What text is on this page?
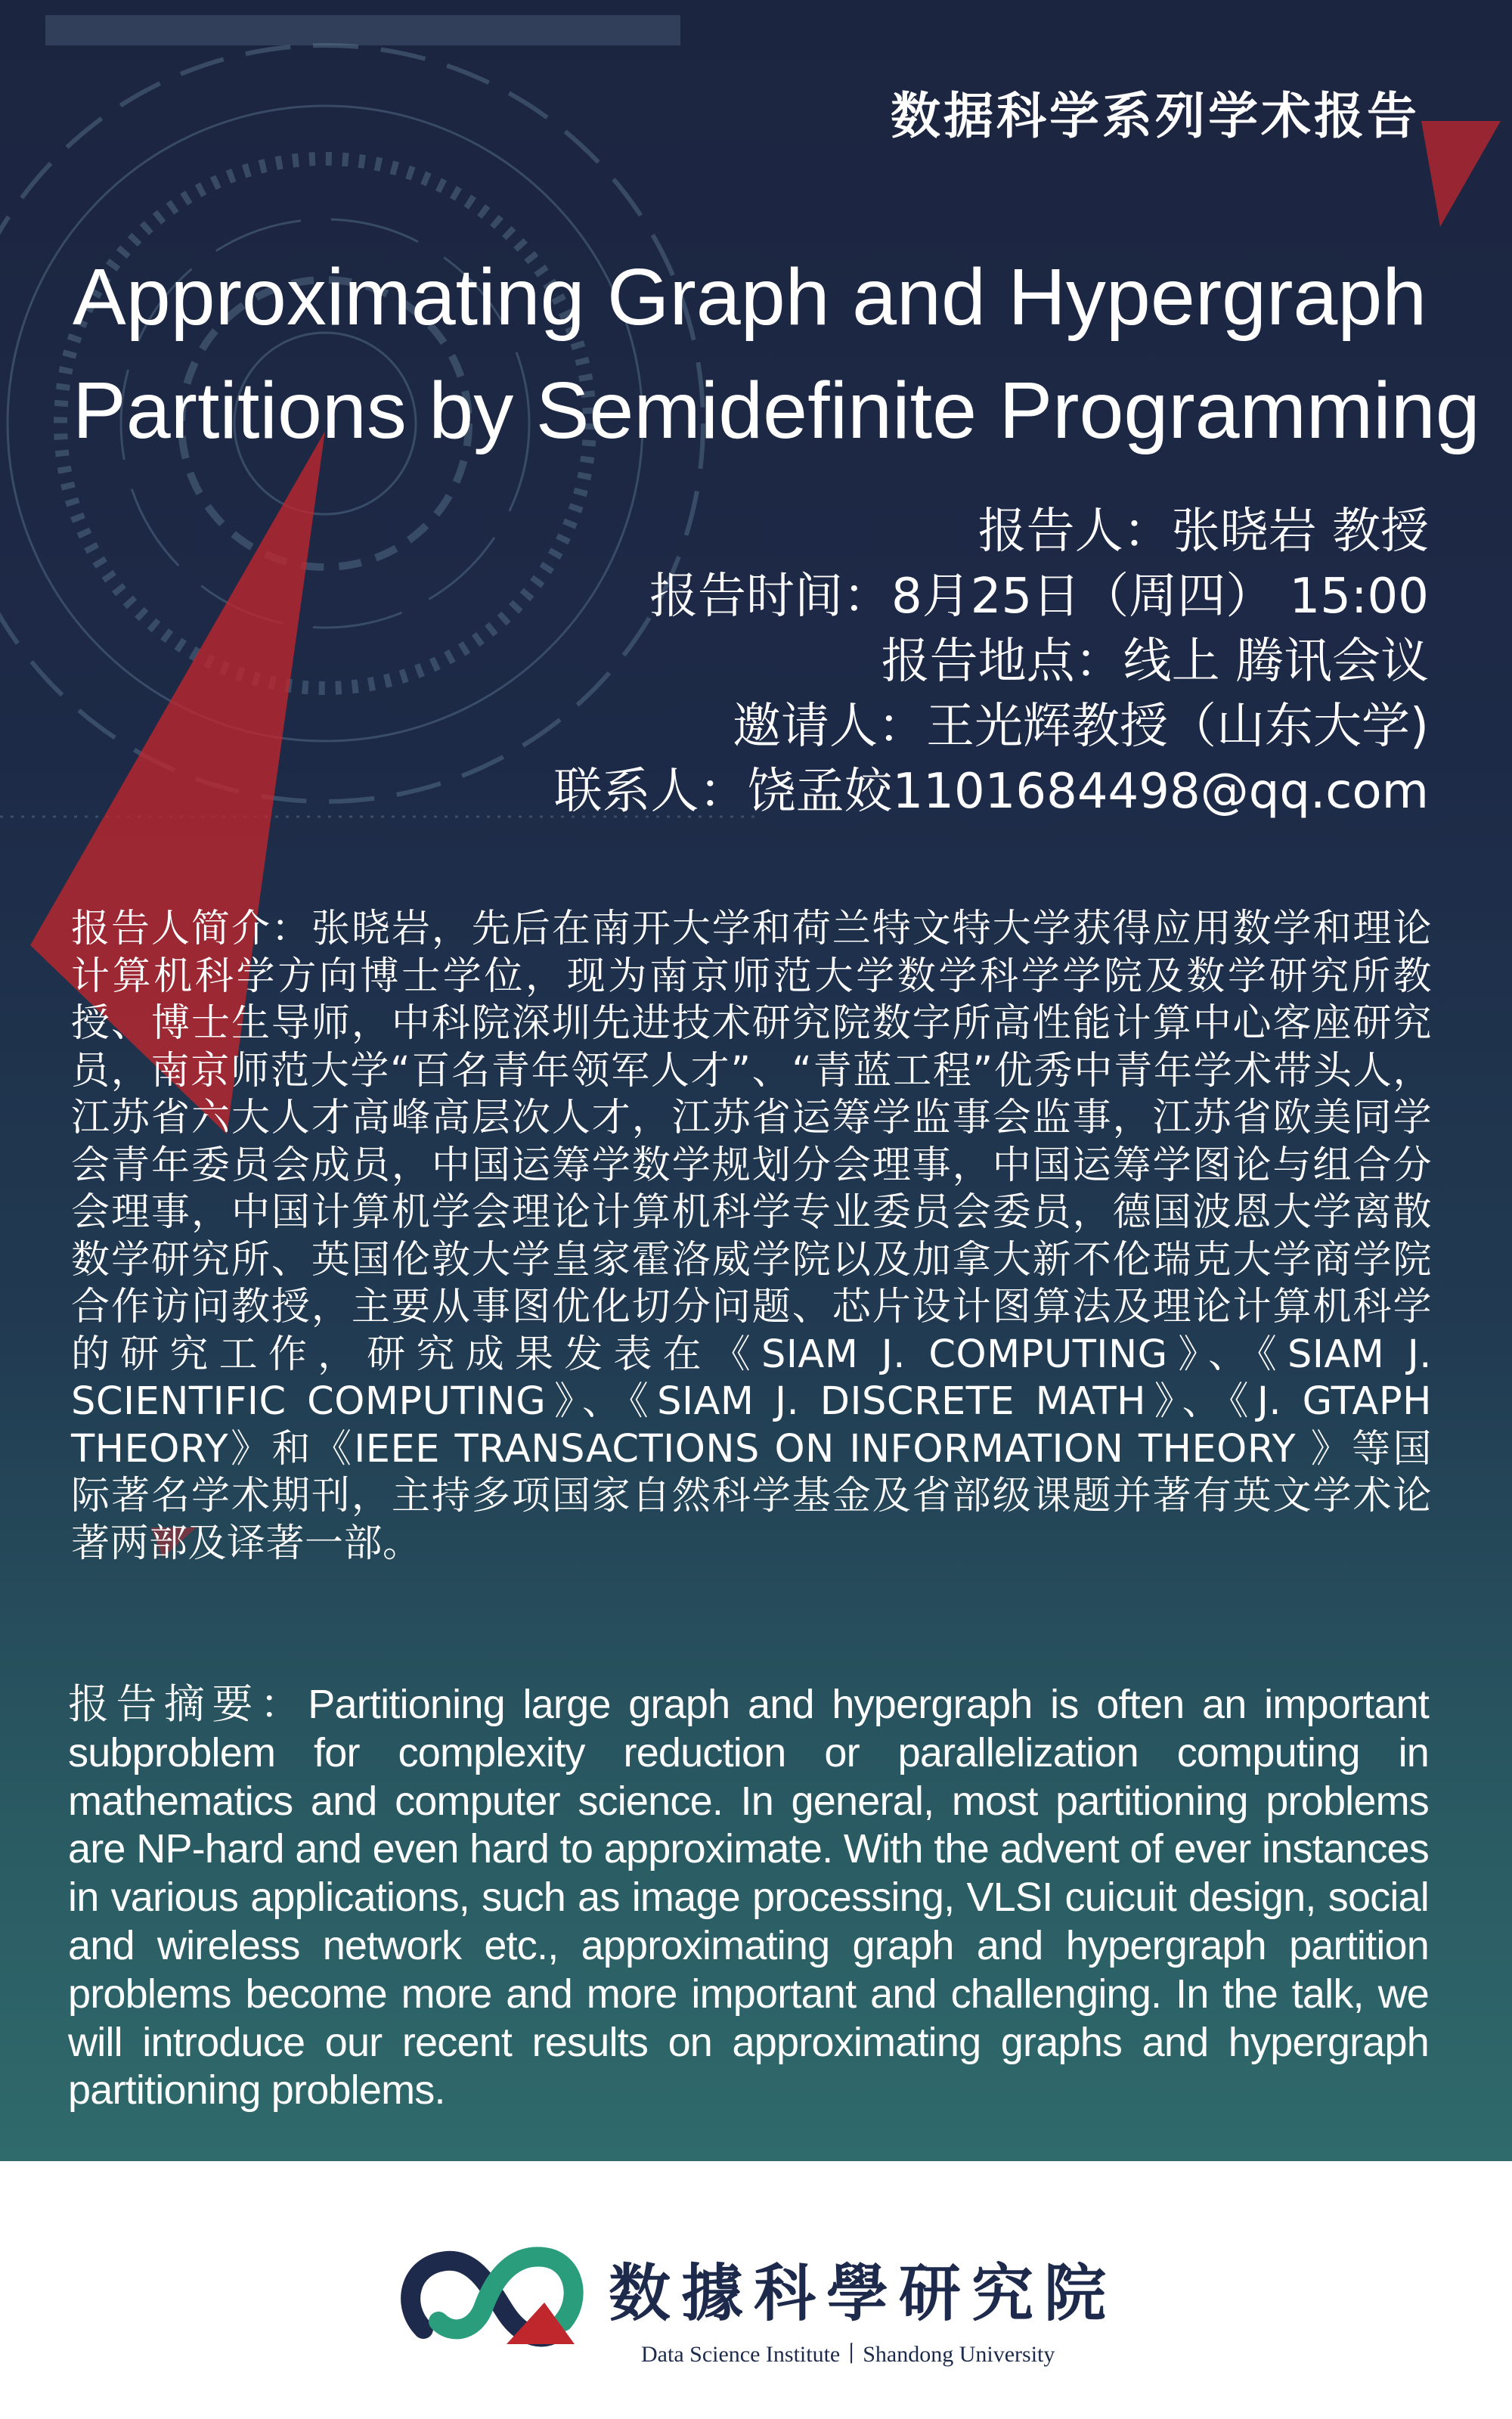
数据科学系列学术报告
Approximating Graph and Hypergraph
Partitions by Semidefinite Programming
报告人：张晓岩 教授
报告时间：8月25日（周四） 15:00
报告地点：线上 腾讯会议
邀请人：王光辉教授（山东大学)
联系人：饶孟姣1101684498@qq.com

报告人简介：张晓岩，先后在南开大学和荷兰特文特大学获得应用数学和理论计算机科学方向博士学位，现为南京师范大学数学科学学院及数学研究所教授、博士生导师，中科院深圳先进技术研究院数字所高性能计算中心客座研究员，南京师范大学“百名青年领军人才”、“青蓝工程”优秀中青年学术带头人，江苏省六大人才高峰高层次人才，江苏省运筹学监事会监事，江苏省欧美同学会青年委员会成员，中国运筹学数学规划分会理事，中国运筹学图论与组合分会理事，中国计算机学会理论计算机科学专业委员会委员，德国波恩大学离散数学研究所、英国伦敦大学皇家霍洛威学院以及加拿大新不伦瑞克大学商学院合作访问教授，主要从事图优化切分问题、芯片设计图算法及理论计算机科学的研究工作，研究成果发表在《SIAM J. COMPUTING》、《SIAM J. SCIENTIFIC COMPUTING》、《SIAM J. DISCRETE MATH》、《J. GTAPH THEORY》和《IEEE TRANSACTIONS ON INFORMATION THEORY 》等国际著名学术期刊，主持多项国家自然科学基金及省部级课题并著有英文学术论著两部及译著一部。

报告摘要：Partitioning large graph and hypergraph is often an important subproblem for complexity reduction or parallelization computing in mathematics and computer science. In general, most partitioning problems are NP-hard and even hard to approximate. With the advent of ever instances in various applications, such as image processing, VLSI cuicuit design, social and wireless network etc., approximating graph and hypergraph partition problems become more and more important and challenging. In the talk, we will introduce our recent results on approximating graphs and hypergraph partitioning problems.

数據科學研究院
Data Science Institute丨Shandong University
